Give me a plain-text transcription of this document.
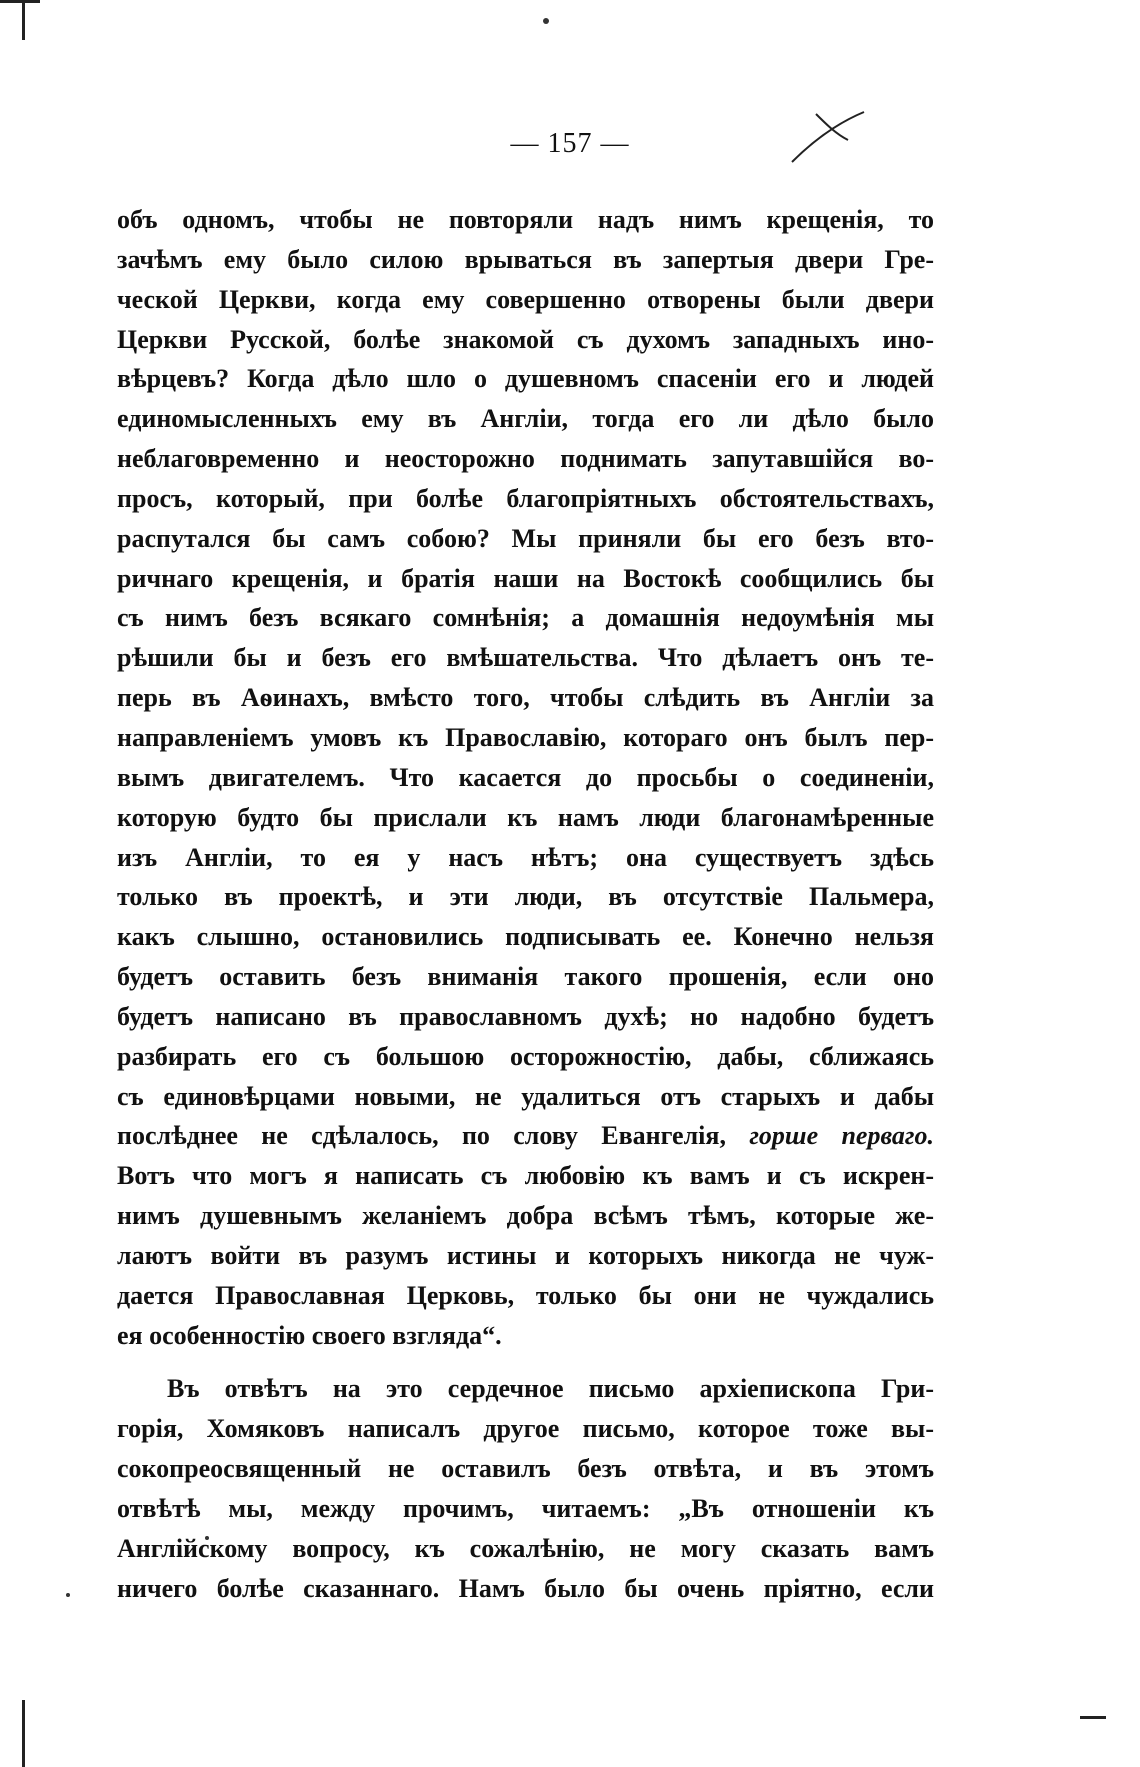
— 157 —
объ одномъ, чтобы не повторяли надъ нимъ крещенія, то
зачѣмъ ему было силою врываться въ запертыя двери Гре-
ческой Церкви, когда ему совершенно отворены были двери
Церкви Русской, болѣе знакомой съ духомъ западныхъ ино-
вѣрцевъ? Когда дѣло шло о душевномъ спасеніи его и людей
единомысленныхъ ему въ Англіи, тогда его ли дѣло было
неблаговременно и неосторожно поднимать запутавшійся во-
просъ, который, при болѣе благопріятныхъ обстоятельствахъ,
распутался бы самъ собою? Мы приняли бы его безъ вто-
ричнаго крещенія, и братія наши на Востокѣ сообщились бы
съ нимъ безъ всякаго сомнѣнія; а домашнія недоумѣнія мы
рѣшили бы и безъ его вмѣшательства. Что дѣлаетъ онъ те-
перь въ Аѳинахъ, вмѣсто того, чтобы слѣдить въ Англіи за
направленіемъ умовъ къ Православію, котораго онъ былъ пер-
вымъ двигателемъ. Что касается до просьбы о соединеніи,
которую будто бы прислали къ намъ люди благонамѣренные
изъ Англіи, то ея у насъ нѣтъ; она существуетъ здѣсь
только въ проектѣ, и эти люди, въ отсутствіе Пальмера,
какъ слышно, остановились подписывать ее. Конечно нельзя
будетъ оставить безъ вниманія такого прошенія, если оно
будетъ написано въ православномъ духѣ; но надобно будетъ
разбирать его съ большою осторожностію, дабы, сближаясь
съ единовѣрцами новыми, не удалиться отъ старыхъ и дабы
послѣднее не сдѣлалось, по слову Евангелія, горше перваго.
Вотъ что могъ я написать съ любовію къ вамъ и съ искрен-
нимъ душевнымъ желаніемъ добра всѣмъ тѣмъ, которые же-
лаютъ войти въ разумъ истины и которыхъ никогда не чуж-
дается Православная Церковь, только бы они не чуждались
ея особенностію своего взгляда“.
Въ отвѣтъ на это сердечное письмо архіепископа Гри-
горія, Хомяковъ написалъ другое письмо, которое тоже вы-
сокопреосвященный не оставилъ безъ отвѣта, и въ этомъ
отвѣтѣ мы, между прочимъ, читаемъ: „Въ отношеніи къ
Англійскому вопросу, къ сожалѣнію, не могу сказать вамъ
ничего болѣе сказаннаго. Намъ было бы очень пріятно, если
